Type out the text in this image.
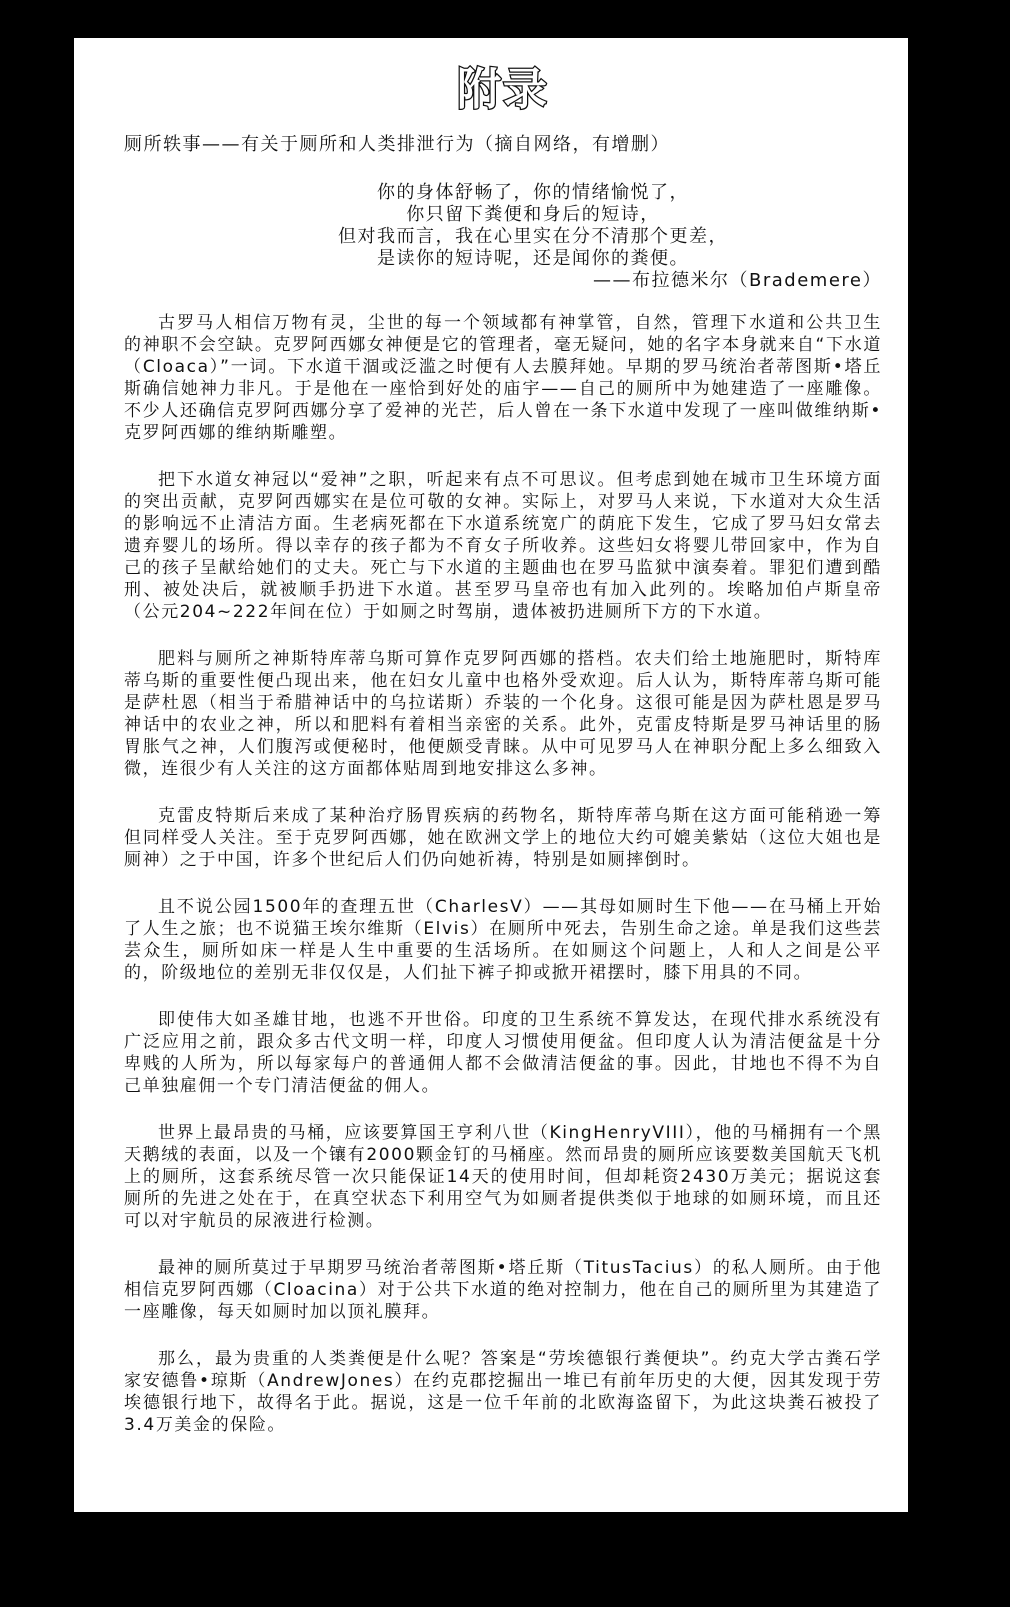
附录
厕所轶事——有关于厕所和人类排泄行为（摘自网络，有增删）
你的身体舒畅了，你的情绪愉悦了，
你只留下粪便和身后的短诗，
但对我而言，我在心里实在分不清那个更差，
是读你的短诗呢，还是闻你的粪便。
——布拉德米尔（Brademere）

古罗马人相信万物有灵，尘世的每一个领域都有神掌管，自然，管理下水道和公共卫生的神职不会空缺。克罗阿西娜女神便是它的管理者，毫无疑问，她的名字本身就来自“下水道（Cloaca）”一词。下水道干涸或泛滥之时便有人去膜拜她。早期的罗马统治者蒂图斯•塔丘斯确信她神力非凡。于是他在一座恰到好处的庙宇——自己的厕所中为她建造了一座雕像。不少人还确信克罗阿西娜分享了爱神的光芒，后人曾在一条下水道中发现了一座叫做维纳斯•克罗阿西娜的维纳斯雕塑。

把下水道女神冠以“爱神”之职，听起来有点不可思议。但考虑到她在城市卫生环境方面的突出贡献，克罗阿西娜实在是位可敬的女神。实际上，对罗马人来说，下水道对大众生活的影响远不止清洁方面。生老病死都在下水道系统宽广的荫庇下发生，它成了罗马妇女常去遗弃婴儿的场所。得以幸存的孩子都为不育女子所收养。这些妇女将婴儿带回家中，作为自己的孩子呈献给她们的丈夫。死亡与下水道的主题曲也在罗马监狱中演奏着。罪犯们遭到酷刑、被处决后，就被顺手扔进下水道。甚至罗马皇帝也有加入此列的。埃略加伯卢斯皇帝（公元204~222年间在位）于如厕之时驾崩，遗体被扔进厕所下方的下水道。

肥料与厕所之神斯特库蒂乌斯可算作克罗阿西娜的搭档。农夫们给土地施肥时，斯特库蒂乌斯的重要性便凸现出来，他在妇女儿童中也格外受欢迎。后人认为，斯特库蒂乌斯可能是萨杜恩（相当于希腊神话中的乌拉诺斯）乔装的一个化身。这很可能是因为萨杜恩是罗马神话中的农业之神，所以和肥料有着相当亲密的关系。此外，克雷皮特斯是罗马神话里的肠胃胀气之神，人们腹泻或便秘时，他便颇受青睐。从中可见罗马人在神职分配上多么细致入微，连很少有人关注的这方面都体贴周到地安排这么多神。

克雷皮特斯后来成了某种治疗肠胃疾病的药物名，斯特库蒂乌斯在这方面可能稍逊一筹但同样受人关注。至于克罗阿西娜，她在欧洲文学上的地位大约可媲美紫姑（这位大姐也是厕神）之于中国，许多个世纪后人们仍向她祈祷，特别是如厕摔倒时。

且不说公园1500年的查理五世（CharlesV）——其母如厕时生下他——在马桶上开始了人生之旅；也不说猫王埃尔维斯（Elvis）在厕所中死去，告别生命之途。单是我们这些芸芸众生，厕所如床一样是人生中重要的生活场所。在如厕这个问题上，人和人之间是公平的，阶级地位的差别无非仅仅是，人们扯下裤子抑或掀开裙摆时，膝下用具的不同。

即使伟大如圣雄甘地，也逃不开世俗。印度的卫生系统不算发达，在现代排水系统没有广泛应用之前，跟众多古代文明一样，印度人习惯使用便盆。但印度人认为清洁便盆是十分卑贱的人所为，所以每家每户的普通佣人都不会做清洁便盆的事。因此，甘地也不得不为自己单独雇佣一个专门清洁便盆的佣人。

世界上最昂贵的马桶，应该要算国王亨利八世（KingHenryVIII），他的马桶拥有一个黑天鹅绒的表面，以及一个镶有2000颗金钉的马桶座。然而昂贵的厕所应该要数美国航天飞机上的厕所，这套系统尽管一次只能保证14天的使用时间，但却耗资2430万美元；据说这套厕所的先进之处在于，在真空状态下利用空气为如厕者提供类似于地球的如厕环境，而且还可以对宇航员的尿液进行检测。

最神的厕所莫过于早期罗马统治者蒂图斯•塔丘斯（TitusTacius）的私人厕所。由于他相信克罗阿西娜（Cloacina）对于公共下水道的绝对控制力，他在自己的厕所里为其建造了一座雕像，每天如厕时加以顶礼膜拜。

那么，最为贵重的人类粪便是什么呢？答案是“劳埃德银行粪便块”。约克大学古粪石学家安德鲁•琼斯（AndrewJones）在约克郡挖掘出一堆已有前年历史的大便，因其发现于劳埃德银行地下，故得名于此。据说，这是一位千年前的北欧海盗留下，为此这块粪石被投了3.4万美金的保险。
